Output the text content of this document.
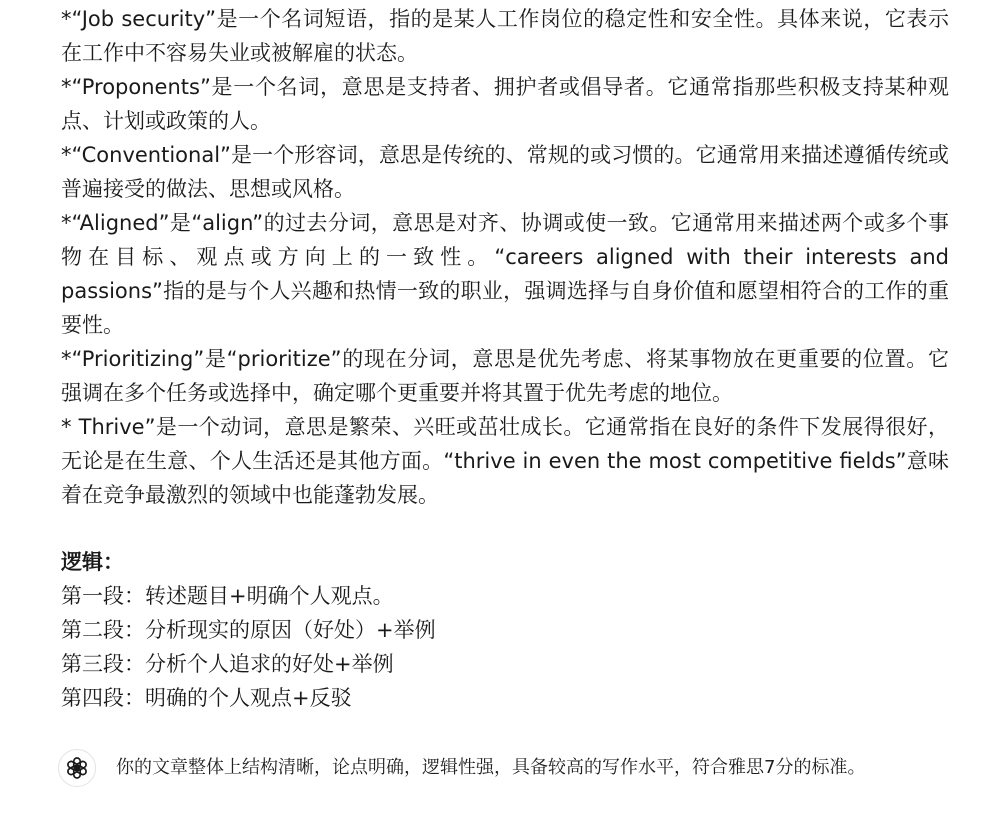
*“Job security”是一个名词短语，指的是某人工作岗位的稳定性和安全性。具体来说，它表示在工作中不容易失业或被解雇的状态。

*“Proponents”是一个名词，意思是支持者、拥护者或倡导者。它通常指那些积极支持某种观点、计划或政策的人。

*“Conventional”是一个形容词，意思是传统的、常规的或习惯的。它通常用来描述遵循传统或普遍接受的做法、思想或风格。

*“Aligned”是“align”的过去分词，意思是对齐、协调或使一致。它通常用来描述两个或多个事物在目标、观点或方向上的一致性。“careers aligned with their interests and passions”指的是与个人兴趣和热情一致的职业，强调选择与自身价值和愿望相符合的工作的重要性。

*“Prioritizing”是“prioritize”的现在分词，意思是优先考虑、将某事物放在更重要的位置。它强调在多个任务或选择中，确定哪个更重要并将其置于优先考虑的地位。

* Thrive”是一个动词，意思是繁荣、兴旺或茁壮成长。它通常指在良好的条件下发展得很好，无论是在生意、个人生活还是其他方面。“thrive in even the most competitive fields”意味着在竞争最激烈的领域中也能蓬勃发展。

逻辑：

第一段：转述题目+明确个人观点。

第二段：分析现实的原因（好处）+举例

第三段：分析个人追求的好处+举例

第四段：明确的个人观点+反驳

你的文章整体上结构清晰，论点明确，逻辑性强，具备较高的写作水平，符合雅思7分的标准。
